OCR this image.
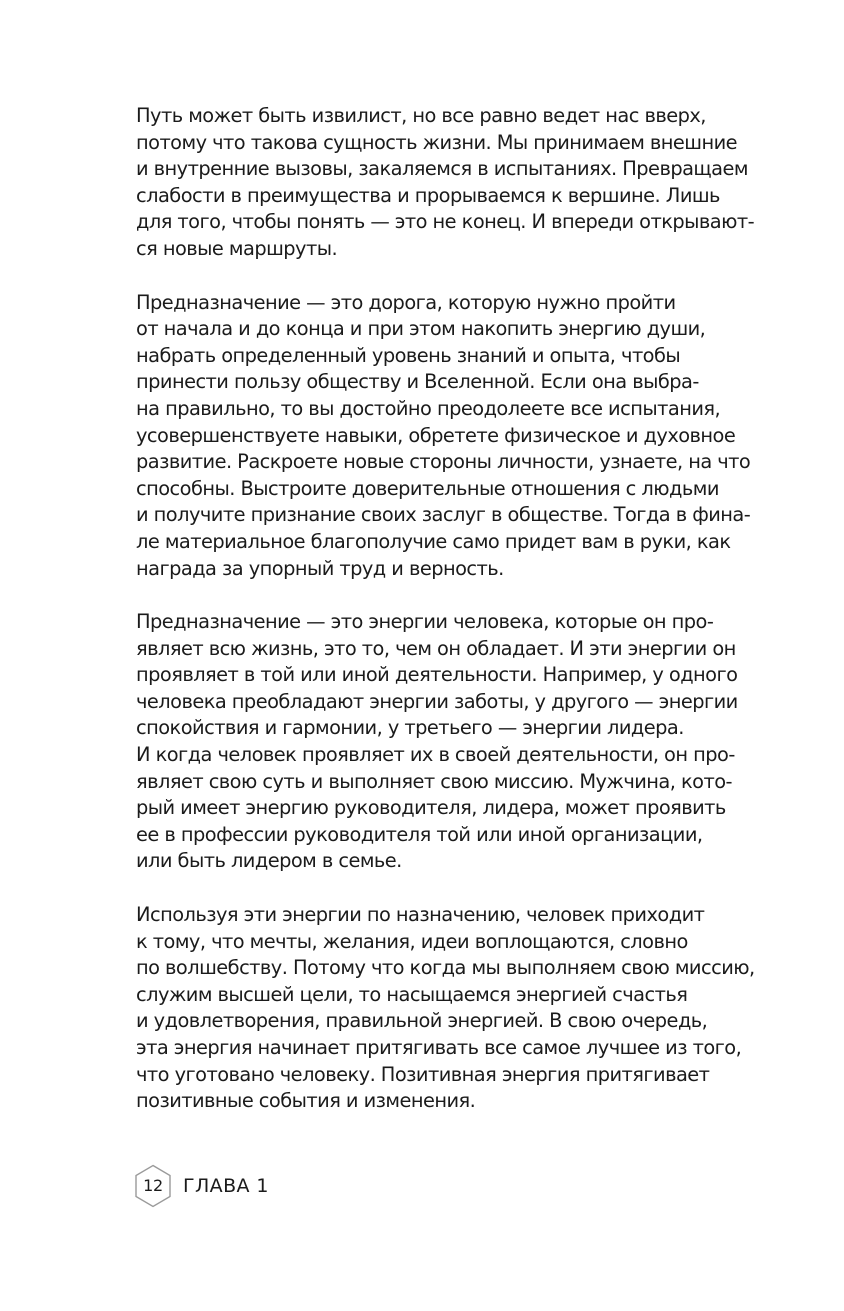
Путь может быть извилист, но все равно ведет нас вверх,
потому что такова сущность жизни. Мы принимаем внешние
и внутренние вызовы, закаляемся в испытаниях. Превращаем
слабости в преимущества и прорываемся к вершине. Лишь
для того, чтобы понять — это не конец. И впереди открывают-
ся новые маршруты.
Предназначение — это дорога, которую нужно пройти
от начала и до конца и при этом накопить энергию души,
набрать определенный уровень знаний и опыта, чтобы
принести пользу обществу и Вселенной. Если она выбра-
на правильно, то вы достойно преодолеете все испытания,
усовершенствуете навыки, обретете физическое и духовное
развитие. Раскроете новые стороны личности, узнаете, на что
способны. Выстроите доверительные отношения с людьми
и получите признание своих заслуг в обществе. Тогда в фина-
ле материальное благополучие само придет вам в руки, как
награда за упорный труд и верность.
Предназначение — это энергии человека, которые он про-
являет всю жизнь, это то, чем он обладает. И эти энергии он
проявляет в той или иной деятельности. Например, у одного
человека преобладают энергии заботы, у другого — энергии
спокойствия и гармонии, у третьего — энергии лидера.
И когда человек проявляет их в своей деятельности, он про-
являет свою суть и выполняет свою миссию. Мужчина, кото-
рый имеет энергию руководителя, лидера, может проявить
ее в профессии руководителя той или иной организации,
или быть лидером в семье.
Используя эти энергии по назначению, человек приходит
к тому, что мечты, желания, идеи воплощаются, словно
по волшебству. Потому что когда мы выполняем свою миссию,
служим высшей цели, то насыщаемся энергией счастья
и удовлетворения, правильной энергией. В свою очередь,
эта энергия начинает притягивать все самое лучшее из того,
что уготовано человеку. Позитивная энергия притягивает
позитивные события и изменения.
12	ГЛАВА 1
